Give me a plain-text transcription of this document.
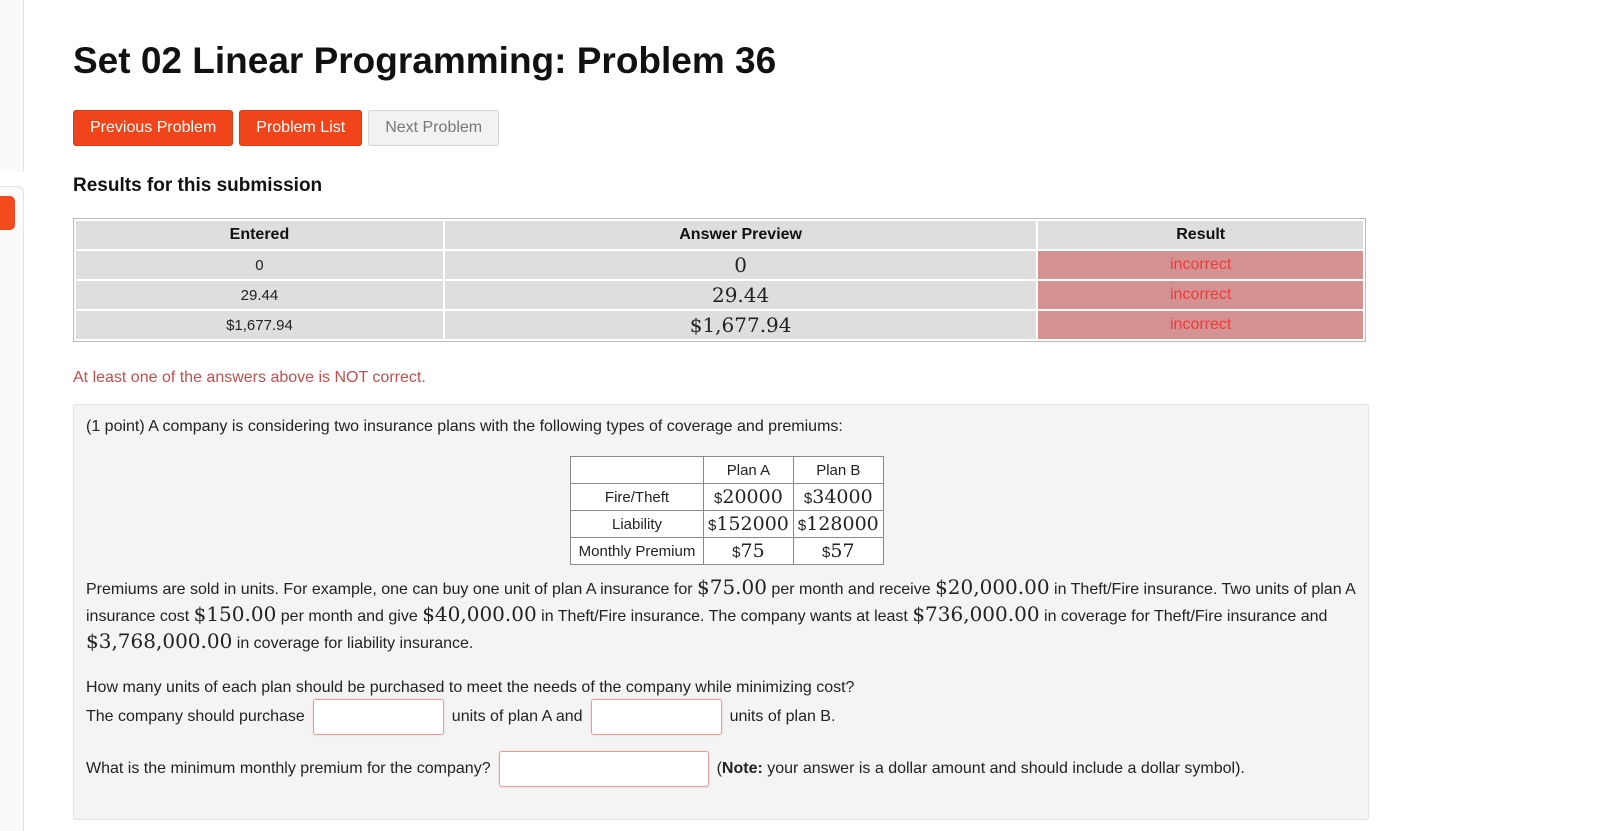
Set 02 Linear Programming: Problem 36
Previous Problem	Problem List	Next Problem
Results for this submission
Entered	Answer Preview	Result
0	0	incorrect
29.44	29.44	incorrect
$1,677.94	$1,677.94	incorrect
At least one of the answers above is NOT correct.
(1 point) A company is considering two insurance plans with the following types of coverage and premiums:
	Plan A	Plan B
Fire/Theft	$20000	$34000
Liability	$152000	$128000
Monthly Premium	$75	$57
Premiums are sold in units. For example, one can buy one unit of plan A insurance for $75.00 per month and receive $20,000.00 in Theft/Fire insurance. Two units of plan A insurance cost $150.00 per month and give $40,000.00 in Theft/Fire insurance. The company wants at least $736,000.00 in coverage for Theft/Fire insurance and $3,768,000.00 in coverage for liability insurance.
How many units of each plan should be purchased to meet the needs of the company while minimizing cost?
The company should purchase	units of plan A and	units of plan B.
What is the minimum monthly premium for the company?	(Note: your answer is a dollar amount and should include a dollar symbol).
